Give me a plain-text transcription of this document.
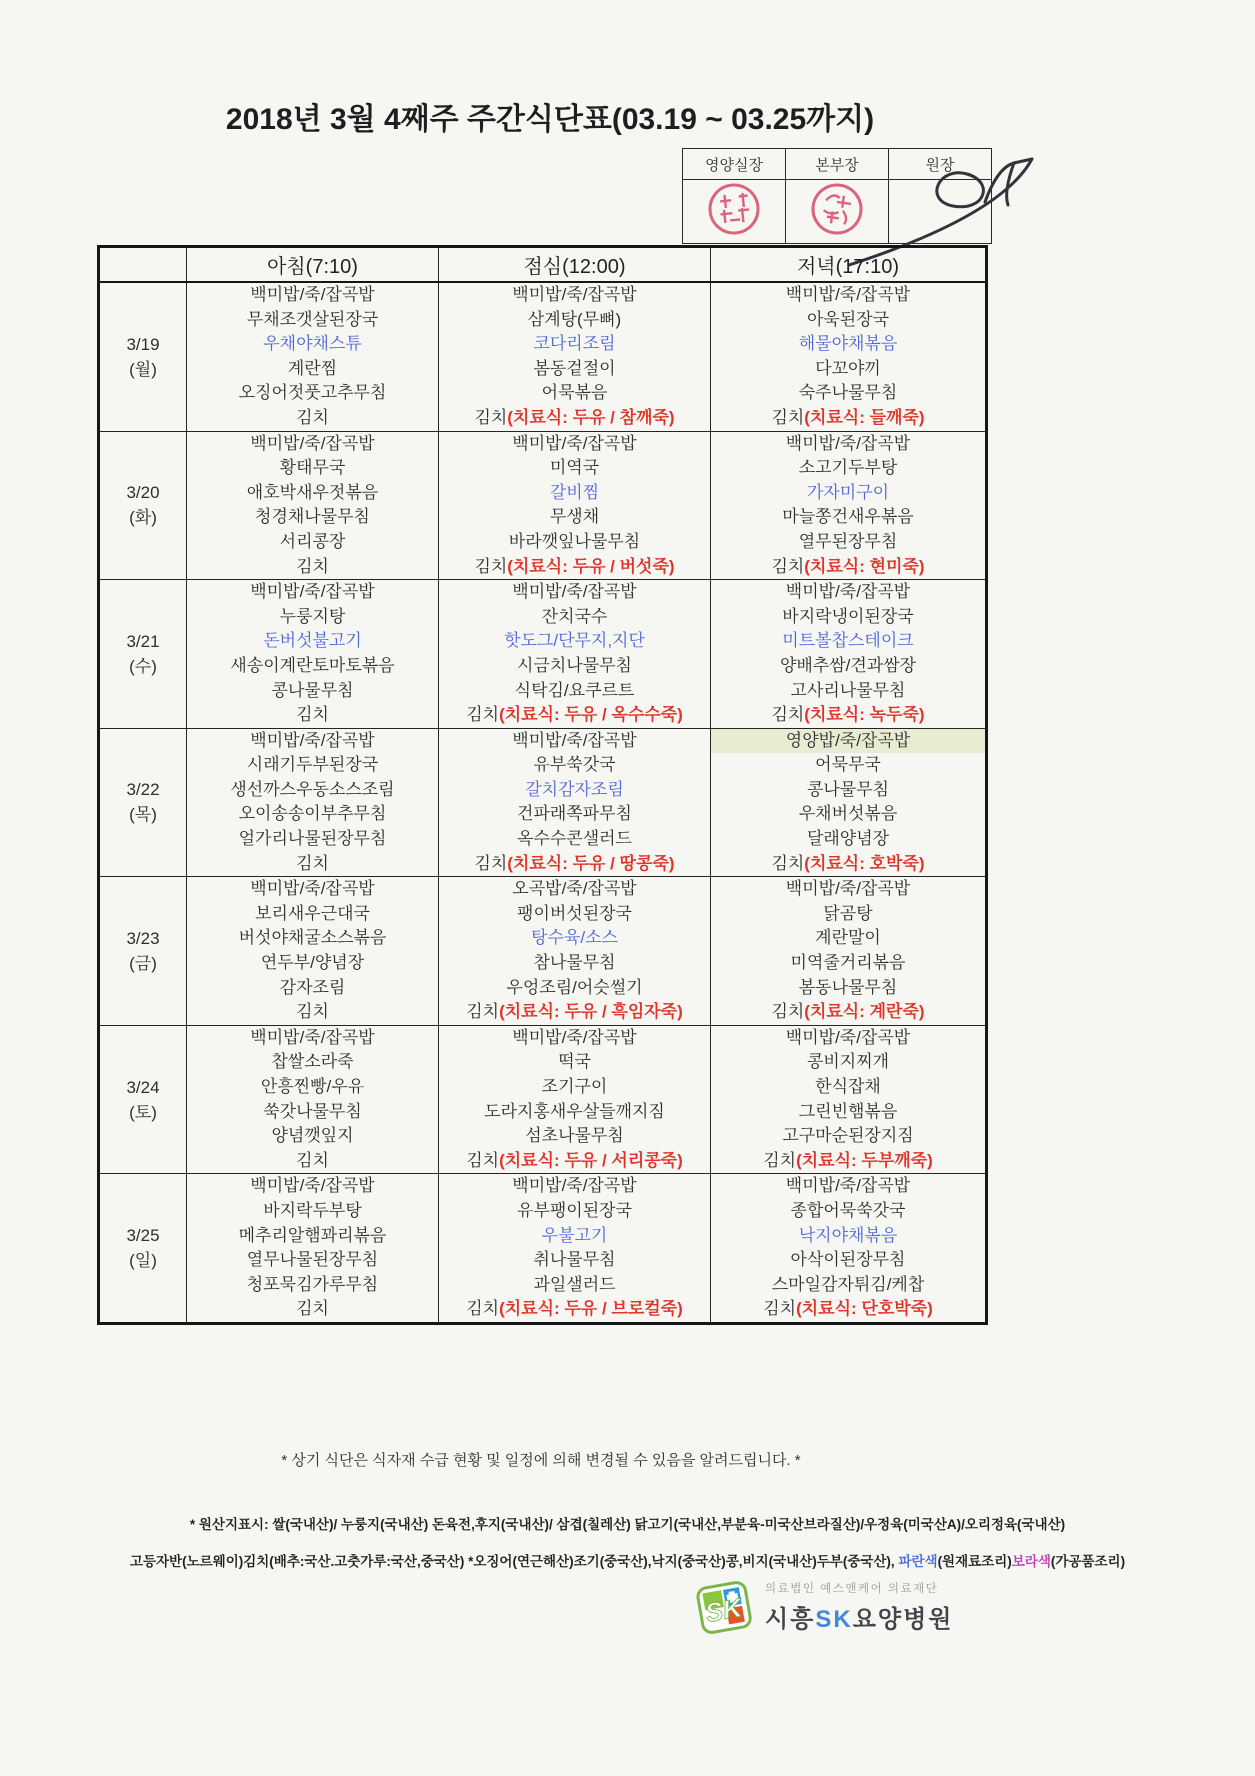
2018년 3월 4째주 주간식단표(03.19 ~ 03.25까지)
영양실장	본부장	원장

	아침(7:10)	점심(12:00)	저녁(17:10)

3/19
(월)

백미밥/죽/잡곡밥
무채조갯살된장국
우채야채스튜
계란찜
오징어젓풋고추무침
김치

백미밥/죽/잡곡밥
삼계탕(무뼈)
코다리조림
봄동겉절이
어묵볶음
김치(치료식: 두유 / 참깨죽)

백미밥/죽/잡곡밥
아욱된장국
해물야채볶음
다꼬야끼
숙주나물무침
김치(치료식: 들깨죽)

3/20
(화)

백미밥/죽/잡곡밥
황태무국
애호박새우젓볶음
청경채나물무침
서리콩장
김치

백미밥/죽/잡곡밥
미역국
갈비찜
무생채
바라깻잎나물무침
김치(치료식: 두유 / 버섯죽)

백미밥/죽/잡곡밥
소고기두부탕
가자미구이
마늘쫑건새우볶음
열무된장무침
김치(치료식: 현미죽)

3/21
(수)

백미밥/죽/잡곡밥
누룽지탕
돈버섯불고기
새송이계란토마토볶음
콩나물무침
김치

백미밥/죽/잡곡밥
잔치국수
핫도그/단무지,지단
시금치나물무침
식탁김/요쿠르트
김치(치료식: 두유 / 옥수수죽)

백미밥/죽/잡곡밥
바지락냉이된장국
미트볼찹스테이크
양배추쌈/견과쌈장
고사리나물무침
김치(치료식: 녹두죽)

3/22
(목)

백미밥/죽/잡곡밥
시래기두부된장국
생선까스우동소스조림
오이송송이부추무침
얼가리나물된장무침
김치

백미밥/죽/잡곡밥
유부쑥갓국
갈치감자조림
건파래쪽파무침
옥수수콘샐러드
김치(치료식: 두유 / 땅콩죽)

영양밥/죽/잡곡밥
어묵무국
콩나물무침
우채버섯볶음
달래양념장
김치(치료식: 호박죽)

3/23
(금)

백미밥/죽/잡곡밥
보리새우근대국
버섯야채굴소스볶음
연두부/양념장
감자조림
김치

오곡밥/죽/잡곡밥
팽이버섯된장국
탕수육/소스
참나물무침
우엉조림/어슷썰기
김치(치료식: 두유 / 흑임자죽)

백미밥/죽/잡곡밥
닭곰탕
계란말이
미역줄거리볶음
봄동나물무침
김치(치료식: 계란죽)

3/24
(토)

백미밥/죽/잡곡밥
찹쌀소라죽
안흥찐빵/우유
쑥갓나물무침
양념깻잎지
김치

백미밥/죽/잡곡밥
떡국
조기구이
도라지홍새우살들깨지짐
섬초나물무침
김치(치료식: 두유 / 서리콩죽)

백미밥/죽/잡곡밥
콩비지찌개
한식잡채
그린빈햄볶음
고구마순된장지짐
김치(치료식: 두부깨죽)

3/25
(일)

백미밥/죽/잡곡밥
바지락두부탕
메추리알햄꽈리볶음
열무나물된장무침
청포묵김가루무침
김치

백미밥/죽/잡곡밥
유부팽이된장국
우불고기
취나물무침
과일샐러드
김치(치료식: 두유 / 브로컬죽)

백미밥/죽/잡곡밥
종합어묵쑥갓국
낙지야채볶음
아삭이된장무침
스마일감자튀김/케찹
김치(치료식: 단호박죽)
* 상기 식단은 식자재 수급 현황 및 일정에 의해 변경될 수 있음을 알려드립니다. *
* 원산지표시: 쌀(국내산)/ 누룽지(국내산) 돈육전,후지(국내산)/ 삼겹(칠레산) 닭고기(국내산,부분육-미국산브라질산)/우정육(미국산A)/오리정육(국내산)
고등자반(노르웨이)김치(배추:국산.고춧가루:국산,중국산) *오징어(연근해산)조기(중국산),낙지(중국산)콩,비지(국내산)두부(중국산), 파란색(원재료조리)보라색(가공품조리)
SK
의료법인 예스앤케어 의료재단
시흥SK요양병원
